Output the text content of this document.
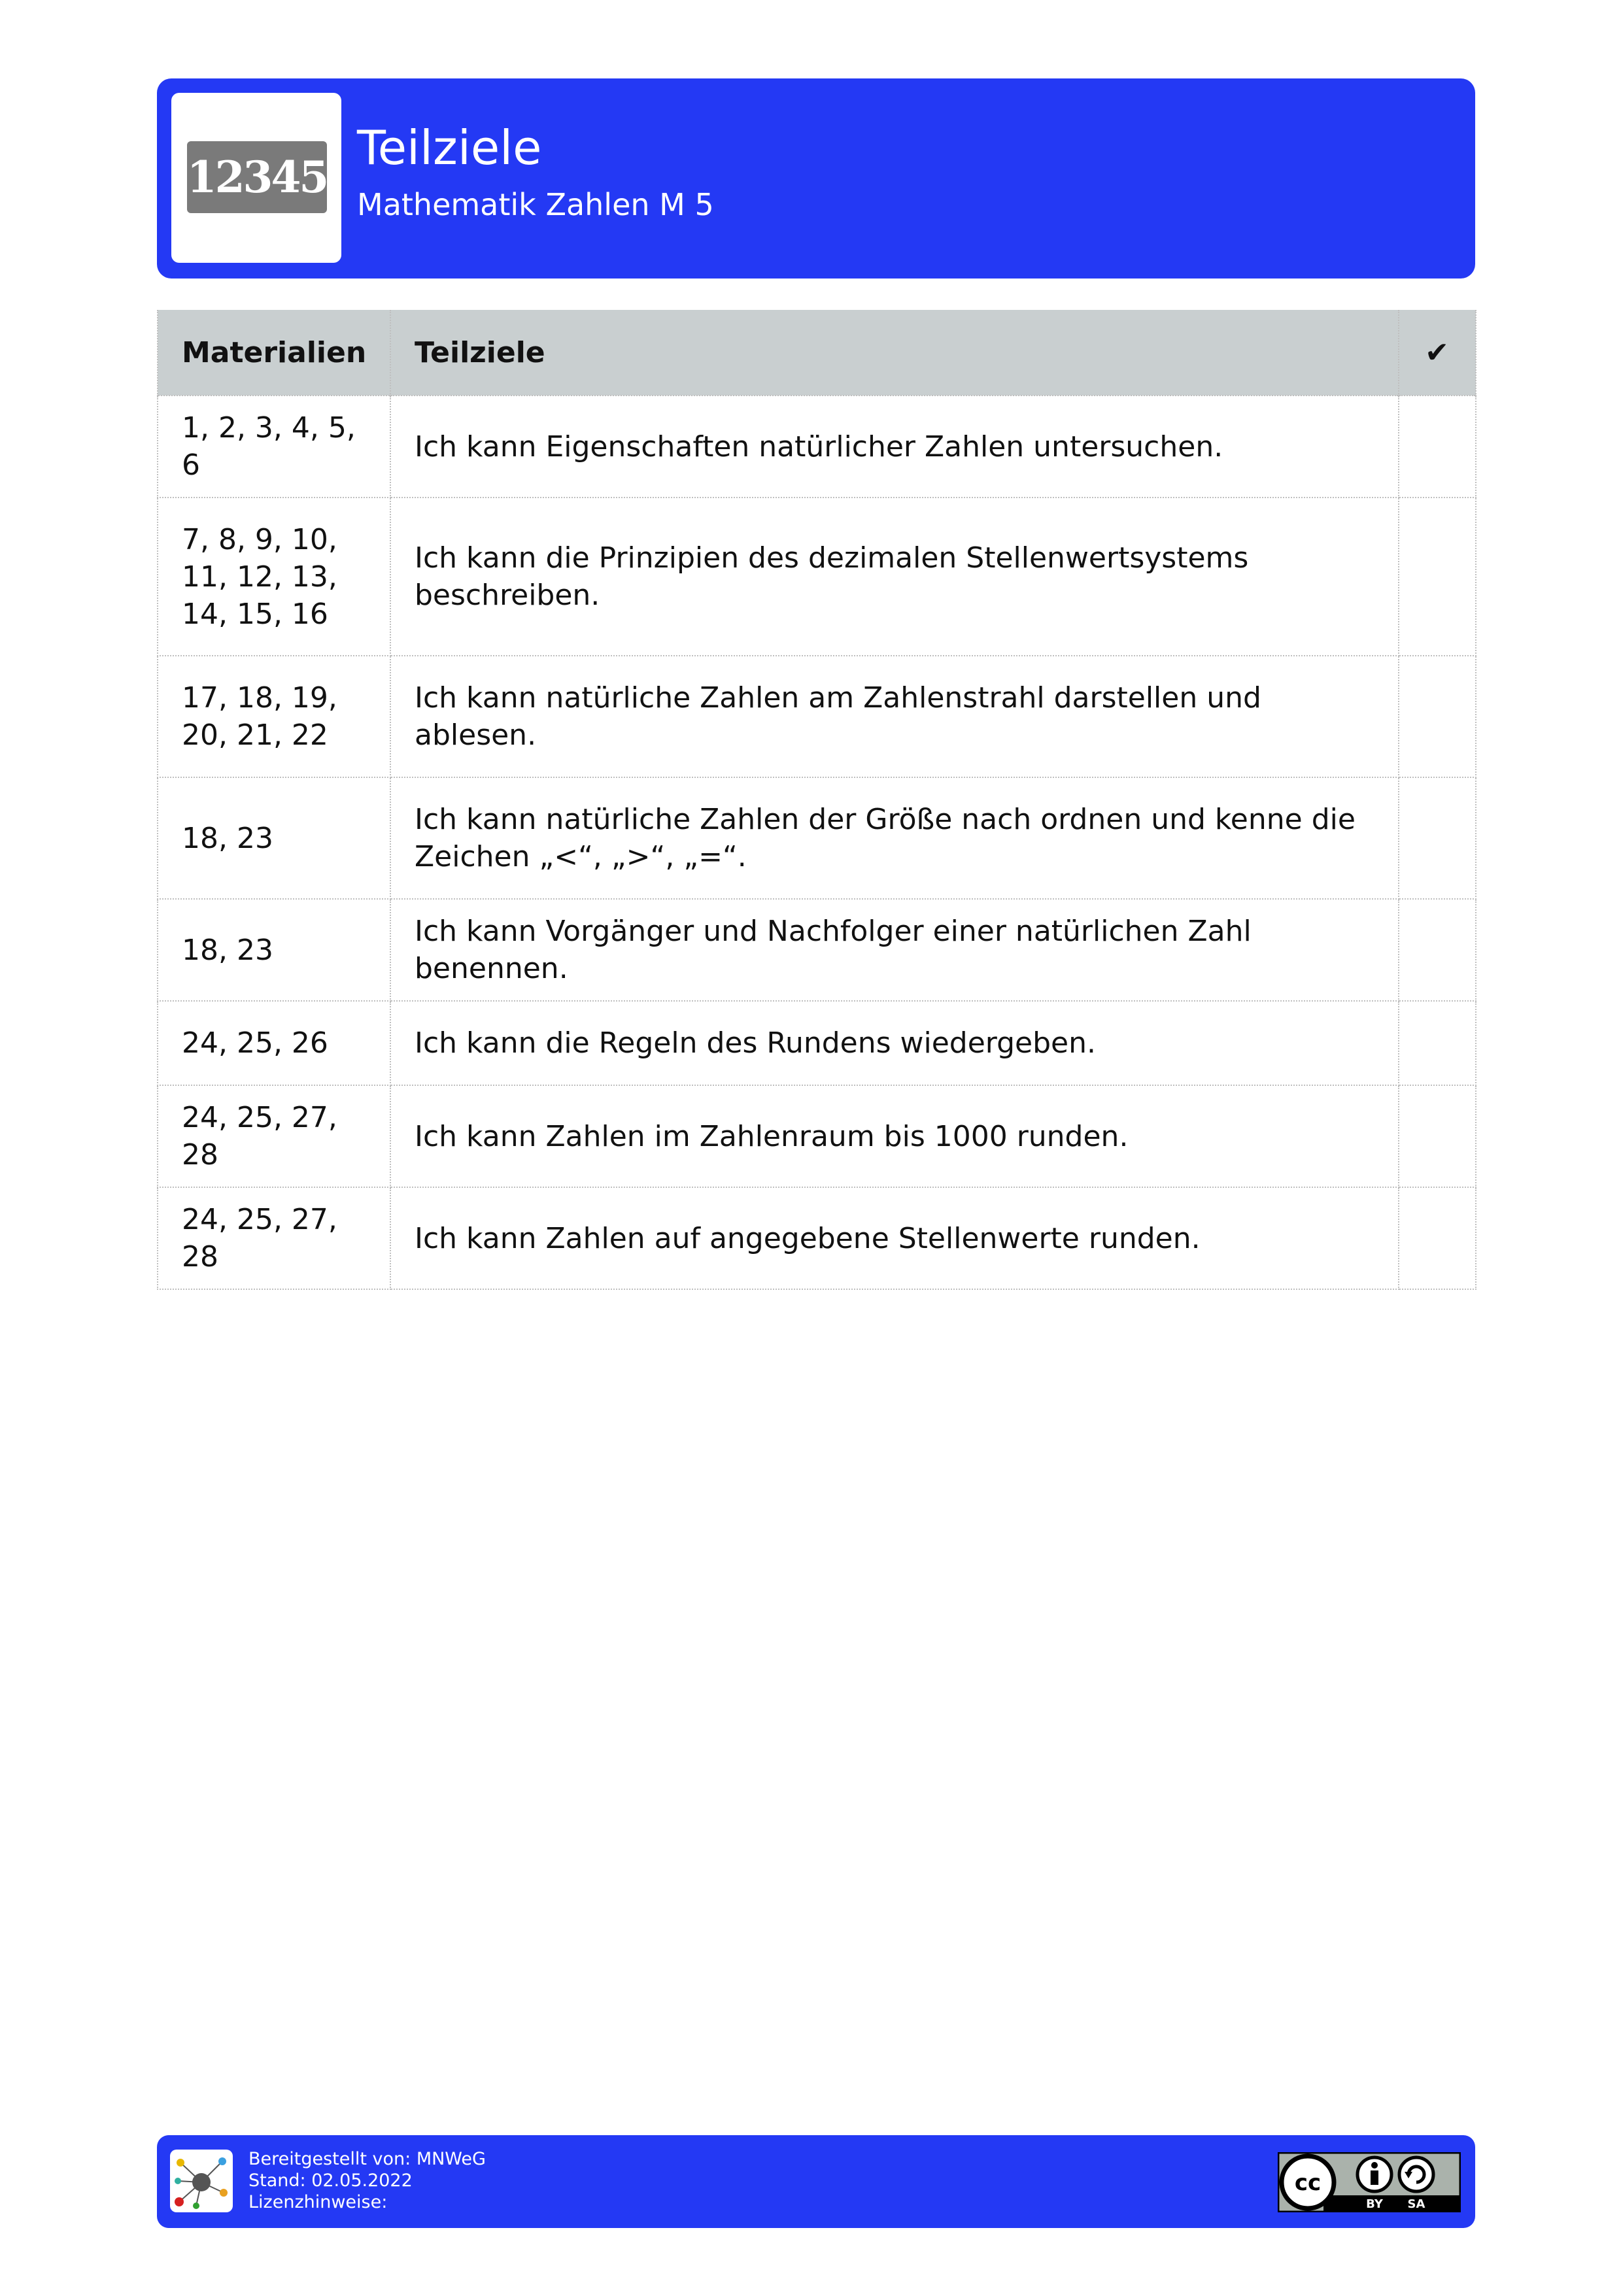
12345
Teilziele
Mathematik Zahlen M 5
Materialien	Teilziele	✔
1, 2, 3, 4, 5, 6	Ich kann Eigenschaften natürlicher Zahlen untersuchen.	
7, 8, 9, 10, 11, 12, 13, 14, 15, 16	Ich kann die Prinzipien des dezimalen Stellenwertsystems beschreiben.	
17, 18, 19, 20, 21, 22	Ich kann natürliche Zahlen am Zahlenstrahl darstellen und ablesen.	
18, 23	Ich kann natürliche Zahlen der Größe nach ordnen und kenne die Zeichen „<“, „>“, „=“.	
18, 23	Ich kann Vorgänger und Nachfolger einer natürlichen Zahl benennen.	
24, 25, 26	Ich kann die Regeln des Rundens wiedergeben.	
24, 25, 27, 28	Ich kann Zahlen im Zahlenraum bis 1000 runden.	
24, 25, 27, 28	Ich kann Zahlen auf angegebene Stellenwerte runden.	
Bereitgestellt von: MNWeG
Stand: 02.05.2022
Lizenzhinweise:
cc
BY SA
